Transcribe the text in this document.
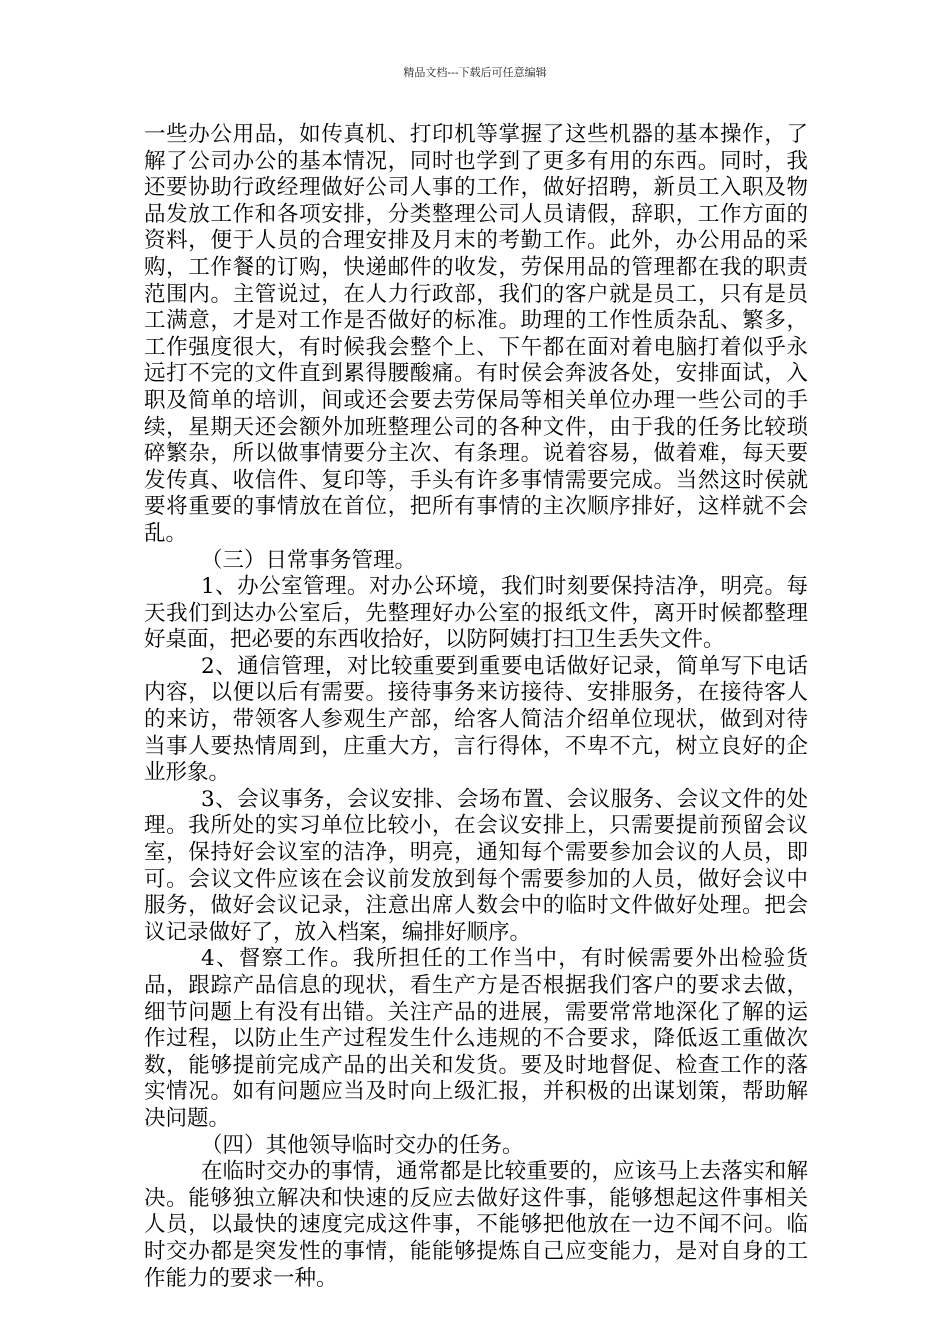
精品文档---下载后可任意编辑

一些办公用品，如传真机、打印机等掌握了这些机器的基本操作，了解了公司办公的基本情况，同时也学到了更多有用的东西。同时，我还要协助行政经理做好公司人事的工作，做好招聘，新员工入职及物品发放工作和各项安排，分类整理公司人员请假，辞职，工作方面的资料，便于人员的合理安排及月末的考勤工作。此外，办公用品的采购，工作餐的订购，快递邮件的收发，劳保用品的管理都在我的职责范围内。主管说过，在人力行政部，我们的客户就是员工，只有是员工满意，才是对工作是否做好的标准。助理的工作性质杂乱、繁多，工作强度很大，有时候我会整个上、下午都在面对着电脑打着似乎永远打不完的文件直到累得腰酸痛。有时侯会奔波各处，安排面试，入职及简单的培训，间或还会要去劳保局等相关单位办理一些公司的手续，星期天还会额外加班整理公司的各种文件，由于我的任务比较琐碎繁杂，所以做事情要分主次、有条理。说着容易，做着难，每天要发传真、收信件、复印等，手头有许多事情需要完成。当然这时侯就要将重要的事情放在首位，把所有事情的主次顺序排好，这样就不会乱。

（三）日常事务管理。

1、办公室管理。对办公环境，我们时刻要保持洁净，明亮。每天我们到达办公室后，先整理好办公室的报纸文件，离开时候都整理好桌面，把必要的东西收拾好，以防阿姨打扫卫生丢失文件。

2、通信管理，对比较重要到重要电话做好记录，简单写下电话内容，以便以后有需要。接待事务来访接待、安排服务，在接待客人的来访，带领客人参观生产部，给客人简洁介绍单位现状，做到对待当事人要热情周到，庄重大方，言行得体，不卑不亢，树立良好的企业形象。

3、会议事务，会议安排、会场布置、会议服务、会议文件的处理。我所处的实习单位比较小，在会议安排上，只需要提前预留会议室，保持好会议室的洁净，明亮，通知每个需要参加会议的人员，即可。会议文件应该在会议前发放到每个需要参加的人员，做好会议中服务，做好会议记录，注意出席人数会中的临时文件做好处理。把会议记录做好了，放入档案，编排好顺序。

4、督察工作。我所担任的工作当中，有时候需要外出检验货品，跟踪产品信息的现状，看生产方是否根据我们客户的要求去做，细节问题上有没有出错。关注产品的进展，需要常常地深化了解的运作过程，以防止生产过程发生什么违规的不合要求，降低返工重做次数，能够提前完成产品的出关和发货。要及时地督促、检查工作的落实情况。如有问题应当及时向上级汇报，并积极的出谋划策，帮助解决问题。

（四）其他领导临时交办的任务。

在临时交办的事情，通常都是比较重要的，应该马上去落实和解决。能够独立解决和快速的反应去做好这件事，能够想起这件事相关人员，以最快的速度完成这件事，不能够把他放在一边不闻不问。临时交办都是突发性的事情，能能够提炼自己应变能力，是对自身的工作能力的要求一种。
